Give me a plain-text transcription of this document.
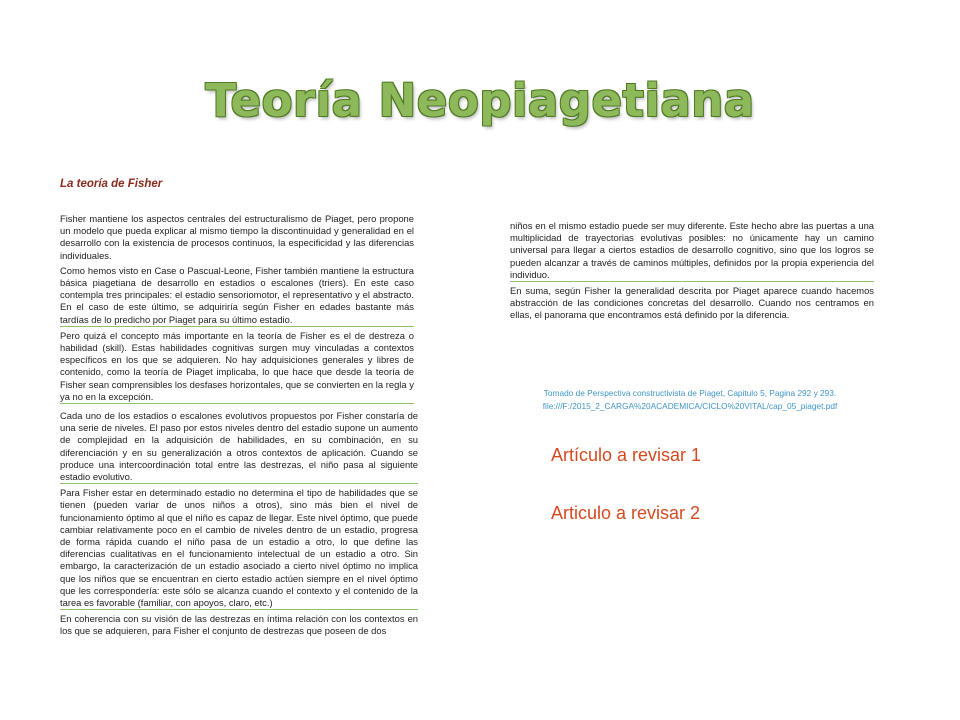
Teoría Neopiagetiana
La teoría de Fisher

Fisher mantiene los aspectos centrales del estructuralismo de Piaget, pero propone un modelo que pueda explicar al mismo tiempo la discontinuidad y generalidad en el desarrollo con la existencia de procesos continuos, la especificidad y las diferencias individuales.

Como hemos visto en Case o Pascual-Leone, Fisher también mantiene la estructura básica piagetiana de desarrollo en estadios o escalones (triers). En este caso contempla tres principales: el estadio sensoriomotor, el representativo y el abstracto. En el caso de este último, se adquiriría según Fisher en edades bastante más tardías de lo predicho por Piaget para su último estadio.

Pero quizá el concepto más importante en la teoría de Fisher es el de destreza o habilidad (skill). Estas habilidades cognitivas surgen muy vinculadas a contextos específicos en los que se adquieren. No hay adquisiciones generales y libres de contenido, como la teoría de Piaget implicaba, lo que hace que desde la teoría de Fisher sean comprensibles los desfases horizontales, que se convierten en la regla y ya no en la excepción.

Cada uno de los estadios o escalones evolutivos propuestos por Fisher constaría de una serie de niveles. El paso por estos niveles dentro del estadio supone un aumento de complejidad en la adquisición de habilidades, en su combinación, en su diferenciación y en su generalización a otros contextos de aplicación. Cuando se produce una intercoordinación total entre las destrezas, el niño pasa al siguiente estadio evolutivo.

Para Fisher estar en determinado estadio no determina el tipo de habilidades que se tienen (pueden variar de unos niños a otros), sino más bien el nivel de funcionamiento óptimo al que el niño es capaz de llegar. Este nivel óptimo, que puede cambiar relativamente poco en el cambio de niveles dentro de un estadio, progresa de forma rápida cuando el niño pasa de un estadio a otro, lo que define las diferencias cualitativas en el funcionamiento intelectual de un estadio a otro. Sin embargo, la caracterización de un estadio asociado a cierto nivel óptimo no implica que los niños que se encuentran en cierto estadio actúen siempre en el nivel óptimo que les correspondería: este sólo se alcanza cuando el contexto y el contenido de la tarea es favorable (familiar, con apoyos, claro, etc.)

En coherencia con su visión de las destrezas en íntima relación con los contextos en los que se adquieren, para Fisher el conjunto de destrezas que poseen de dos

niños en el mismo estadio puede ser muy diferente. Este hecho abre las puertas a una multiplicidad de trayectorias evolutivas posibles: no únicamente hay un camino universal para llegar a ciertos estadios de desarrollo cognitivo, sino que los logros se pueden alcanzar a través de caminos múltiples, definidos por la propia experiencia del individuo.

En suma, según Fisher la generalidad descrita por Piaget aparece cuando hacemos abstracción de las condiciones concretas del desarrollo. Cuando nos centramos en ellas, el panorama que encontramos está definido por la diferencia.

Tomado de Perspectiva constructivista de Piaget, Capitulo 5, Pagina 292 y 293.
file:///F:/2015_2_CARGA%20ACADEMICA/CICLO%20VITAL/cap_05_piaget.pdf
Artículo a revisar 1
Articulo a revisar 2
